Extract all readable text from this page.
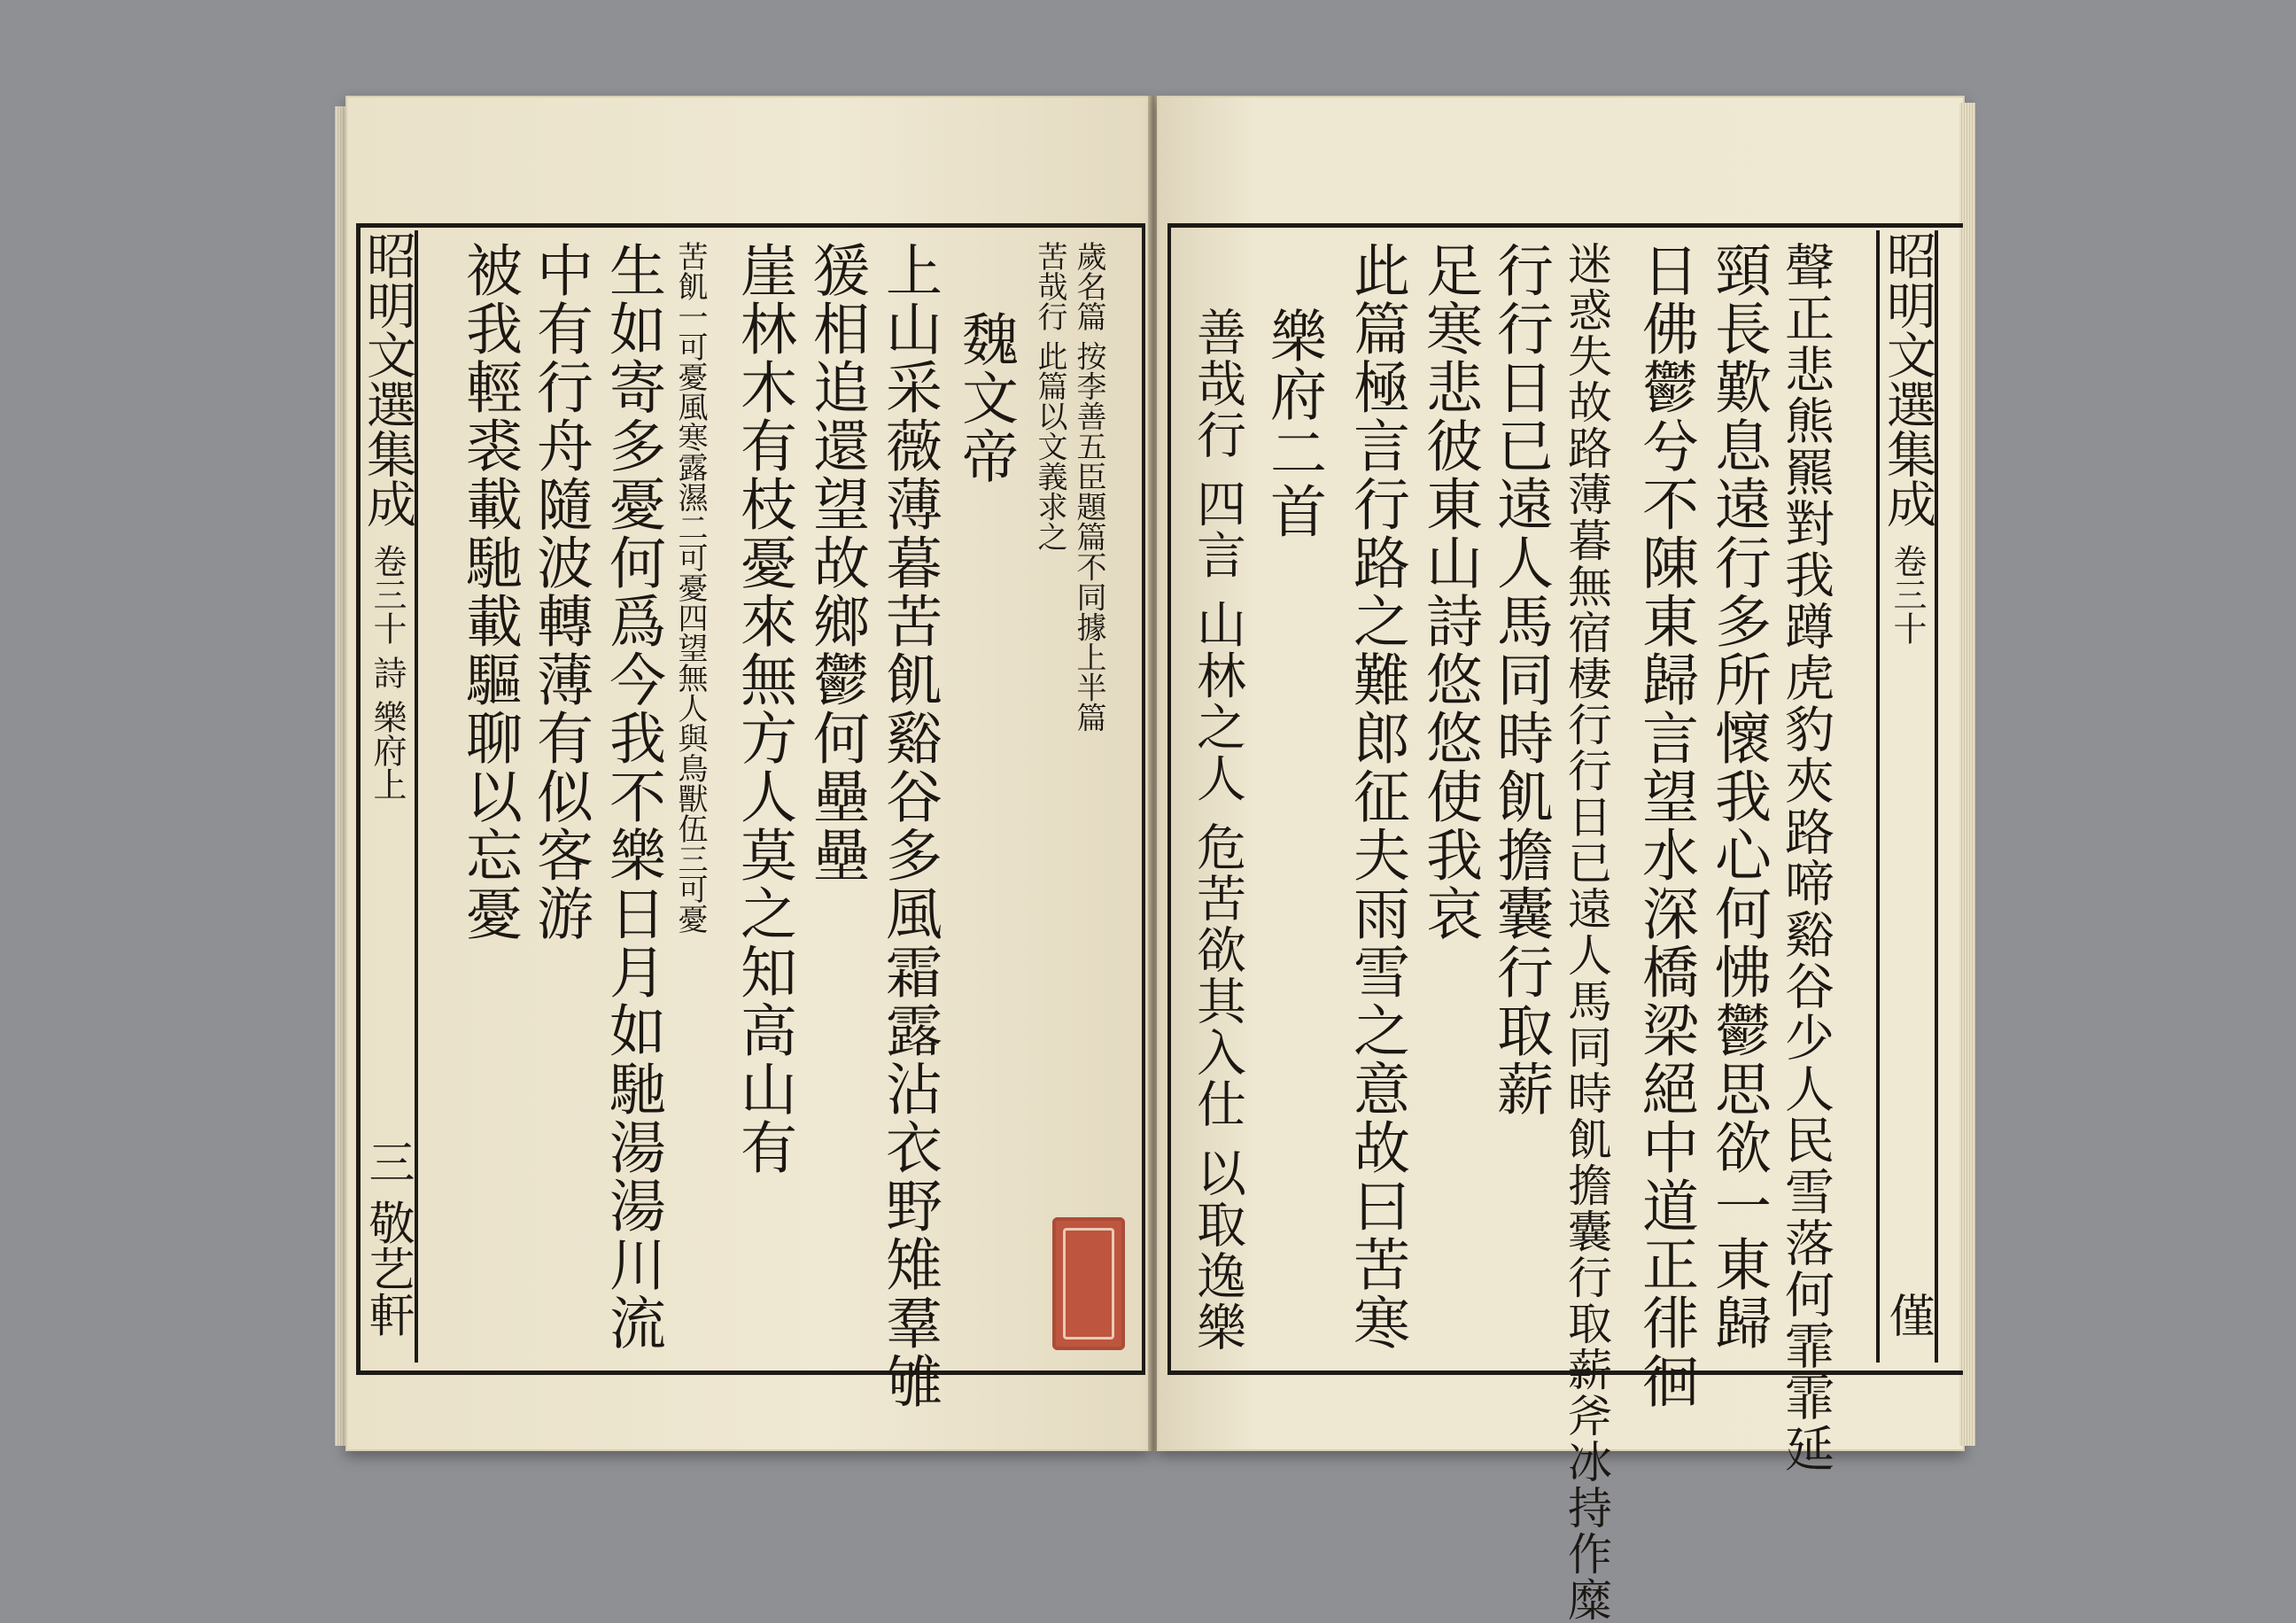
昭明文選集成
卷三十 詩 樂府上
三 敬艺軒
被我輕裘載馳載驅聊以忘憂 中有行舟隨波轉薄有似客游 生如寄多憂何爲今我不樂日月如馳湯湯川流 苦飢一可憂風寒露濕二可憂四望無人與鳥獸伍三可憂 崖林木有枝憂來無方人莫之知高山有 猨相追還望故鄉鬱何壘壘 上山采薇薄暮苦飢谿谷多風霜露沾衣野雉羣雊 魏文帝 苦哉行 此篇以文義求之 歲名篇 按李善五臣題篇不同據上半篇 善哉行 四言 山林之人 危苦欲其入仕 以取逸樂 樂府二首 此篇極言行路之難郎征夫雨雪之意故曰苦寒 足寒悲彼東山詩悠悠使我哀 行行日已遠人馬同時飢擔囊行取薪 迷惑失故路薄暮無宿棲行行日已遠人馬同時飢擔囊行取薪斧冰持作糜 日佛鬱兮不陳東歸言望水深橋梁絕中道正徘徊 頸長歎息遠行多所懷我心何怫鬱思欲一東歸 聲正悲熊羆對我蹲虎豹夾路啼谿谷少人民雪落何霏霏延 昭明文選集成
卷三十
僅
